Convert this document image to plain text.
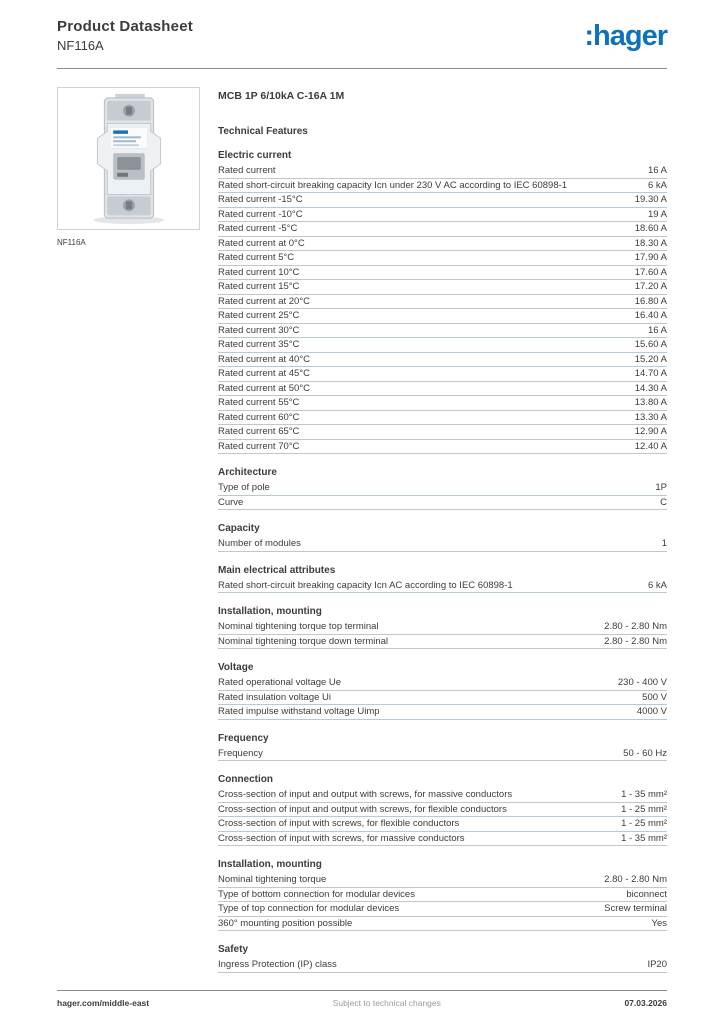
Product Datasheet
NF116A	:hager
NF116A
MCB 1P 6/10kA C-16A 1M
Technical Features
Electric current
Rated current	16 A
Rated short-circuit breaking capacity Icn under 230 V AC according to IEC 60898-1	6 kA
Rated current -15°C	19.30 A
Rated current -10°C	19 A
Rated current -5°C	18.60 A
Rated current at 0°C	18.30 A
Rated current 5°C	17.90 A
Rated current 10°C	17.60 A
Rated current 15°C	17.20 A
Rated current at 20°C	16.80 A
Rated current 25°C	16.40 A
Rated current 30°C	16 A
Rated current 35°C	15.60 A
Rated current at 40°C	15.20 A
Rated current at 45°C	14.70 A
Rated current at 50°C	14.30 A
Rated current 55°C	13.80 A
Rated current 60°C	13.30 A
Rated current 65°C	12.90 A
Rated current 70°C	12.40 A
Architecture
Type of pole	1P
Curve	C
Capacity
Number of modules	1
Main electrical attributes
Rated short-circuit breaking capacity Icn AC according to IEC 60898-1	6 kA
Installation, mounting
Nominal tightening torque top terminal	2.80 - 2.80 Nm
Nominal tightening torque down terminal	2.80 - 2.80 Nm
Voltage
Rated operational voltage Ue	230 - 400 V
Rated insulation voltage Ui	500 V
Rated impulse withstand voltage Uimp	4000 V
Frequency
Frequency	50 - 60 Hz
Connection
Cross-section of input and output with screws, for massive conductors	1 - 35 mm²
Cross-section of input and output with screws, for flexible conductors	1 - 25 mm²
Cross-section of input with screws, for flexible conductors	1 - 25 mm²
Cross-section of input with screws, for massive conductors	1 - 35 mm²
Installation, mounting
Nominal tightening torque	2.80 - 2.80 Nm
Type of bottom connection for modular devices	biconnect
Type of top connection for modular devices	Screw terminal
360° mounting position possible	Yes
Safety
Ingress Protection (IP) class	IP20
hager.com/middle-east	Subject to technical changes	07.03.2026
